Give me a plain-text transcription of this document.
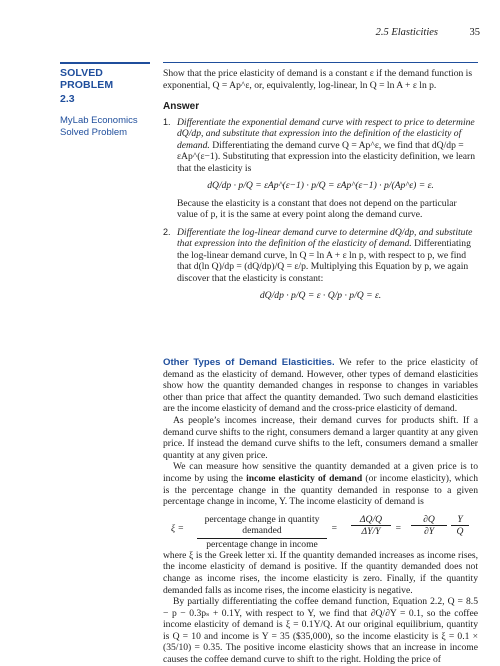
2.5 Elasticities	35
SOLVED PROBLEM
2.3
MyLab Economics
Solved Problem

Show that the price elasticity of demand is a constant ε if the demand function is exponential, Q = Ap^ε, or, equivalently, log-linear, ln Q = ln A + ε ln p.

Answer
1. Differentiate the exponential demand curve with respect to price to determine dQ/dp, and substitute that expression into the definition of the elasticity of demand. Differentiating the demand curve Q = Ap^ε, we find that dQ/dp = εAp^(ε−1). Substituting that expression into the elasticity definition, we learn that the elasticity is
dQ/dp · p/Q = εAp^(ε−1) · p/Q = εAp^(ε−1) · p/(Ap^ε) = ε.

Because the elasticity is a constant that does not depend on the particular value of p, it is the same at every point along the demand curve.

2. Differentiate the log-linear demand curve to determine dQ/dp, and substitute that expression into the definition of the elasticity of demand. Differentiating the log-linear demand curve, ln Q = ln A + ε ln p, with respect to p, we find that d(ln Q)/dp = (dQ/dp)/Q = ε/p. Multiplying this Equation by p, we again discover that the elasticity is constant:
dQ/dp · p/Q = ε · Q/p · p/Q = ε.

Other Types of Demand Elasticities. We refer to the price elasticity of demand as the elasticity of demand. However, other types of demand elasticities show how the quantity demanded changes in response to changes in variables other than price that affect the quantity demanded. Two such demand elasticities are the income elasticity of demand and the cross-price elasticity of demand.

As people’s incomes increase, their demand curves for products shift. If a demand curve shifts to the right, consumers demand a larger quantity at any given price. If instead the demand curve shifts to the left, consumers demand a smaller quantity at any given price.

We can measure how sensitive the quantity demanded at a given price is to income by using the income elasticity of demand (or income elasticity), which is the percentage change in the quantity demanded in response to a given percentage change in income, Y. The income elasticity of demand is

ξ =
percentage change in quantity demanded
percentage change in income
= $\frac{\Delta Q/Q}{\Delta Y/Y} = \frac{\partial Q}{\partial Y} \frac{Y}{Q}$

where ξ is the Greek letter xi. If the quantity demanded increases as income rises, the income elasticity of demand is positive. If the quantity demanded does not change as income rises, the income elasticity is zero. Finally, if the quantity demanded falls as income rises, the income elasticity is negative.

By partially differentiating the coffee demand function, Equation 2.2, Q = 8.5 − p − 0.3pₛ + 0.1Y, with respect to Y, we find that ∂Q/∂Y = 0.1, so the coffee income elasticity of demand is ξ = 0.1Y/Q. At our original equilibrium, quantity is Q = 10 and income is Y = 35 ($35,000), so the income elasticity is ξ = 0.1 × (35/10) = 0.35. The positive income elasticity shows that an increase in income causes the coffee demand curve to shift to the right. Holding the price of
